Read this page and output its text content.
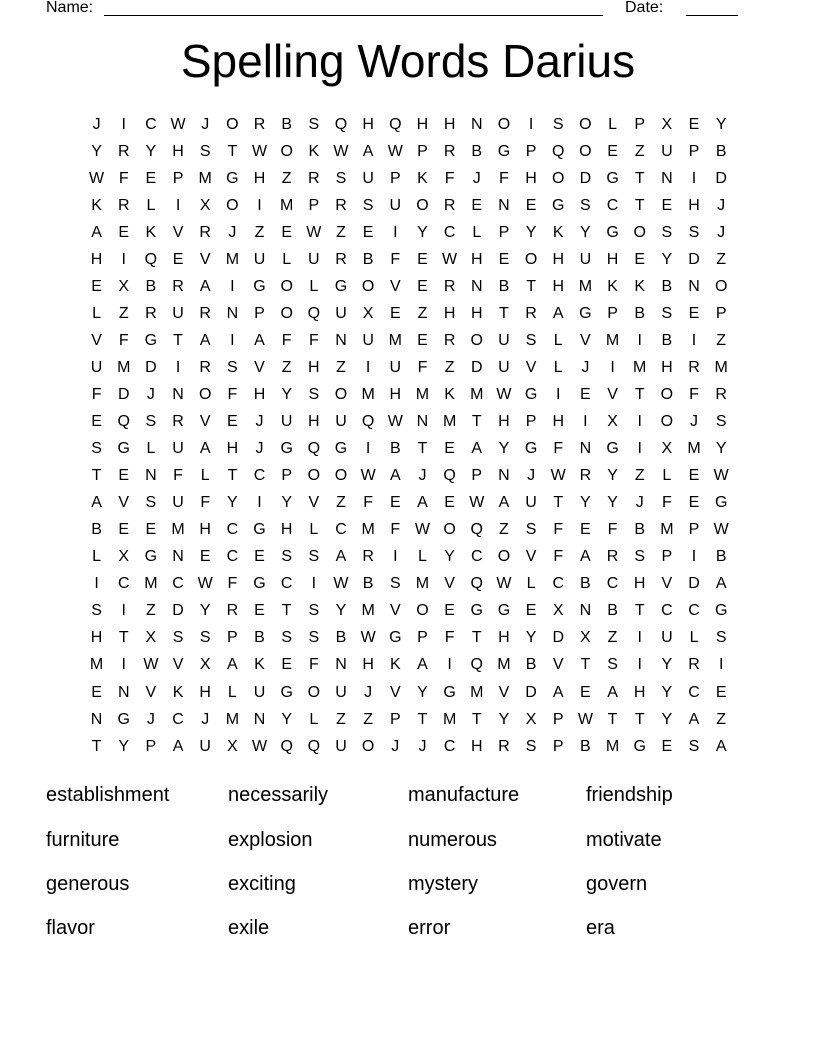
Name:	Date:
Spelling Words Darius
J	I	C W J	O R	B	S Q H Q H H N O	I	S O	L	P	X	E	Y
Y	R	Y	H	S	T W O K W A W P	R	B G P Q O E	Z	U	P	B
W F	E	P M G H	Z	R	S	U	P	K	F	J	F	H O D G	T	N	I	D
K	R	L	I	X O	I	M P	R	S	U O R	E	N	E G S	C	T	E	H	J
A	E	K	V	R	J	Z	E W Z	E	I	Y	C	L	P	Y	K	Y G O S	S	J
H	I	Q E	V M U	L	U R	B	F	E W H	E O H U H	E	Y	D	Z
E	X	B	R	A	I	G O	L	G O V	E	R N	B	T	H M K	K	B	N O
L	Z	R U R N	P O Q U	X	E	Z	H H	T	R	A G P	B	S	E	P
V	F	G	T	A	I	A	F	F	N U M E	R O U	S	L	V M	I	B	I	Z
U M D	I	R	S	V	Z	H	Z	I	U	F	Z	D U	V	L	J	I	M H R M
F	D	J	N O	F	H	Y	S O M H M K M W G	I	E	V	T	O	F	R
E Q S	R	V	E	J	U H U Q W N M T	H	P	H	I	X	I	O	J	S
S G	L	U	A	H	J	G Q G	I	B	T	E	A	Y G	F	N G	I	X M Y
T	E	N	F	L	T	C	P O O W A	J	Q P	N	J W R	Y	Z	L	E W
A	V	S	U	F	Y	I	Y	V	Z	F	E	A	E W A	U	T	Y	Y	J	F	E G
B	E	E M H C G H	L	C M F W O Q	Z	S	F	E	F	B M P W
L	X G N	E	C	E	S	S	A	R	I	L	Y	C O V	F	A	R	S	P	I	B
I	C M C W F	G C	I	W B	S M V Q W L	C	B	C H	V	D	A
S	I	Z	D	Y	R	E	T	S	Y M V O E G G E	X	N	B	T	C C G
H	T	X	S	S	P	B	S	S	B W G P	F	T	H	Y	D	X	Z	I	U	L	S
M	I	W V	X	A	K	E	F	N H	K	A	I	Q M B	V	T	S	I	Y	R	I
E	N	V	K	H	L	U G O U	J	V	Y G M V	D	A	E	A	H	Y	C	E
N G	J	C	J	M N	Y	L	Z	Z	P	T M T	Y	X	P W T	T	Y	A	Z
T	Y	P	A	U	X W Q Q U O	J	J	C H R	S	P	B M G E	S	A
establishment	necessarily	manufacture	friendship
furniture	explosion	numerous	motivate
generous	exciting	mystery	govern
flavor	exile	error	era
